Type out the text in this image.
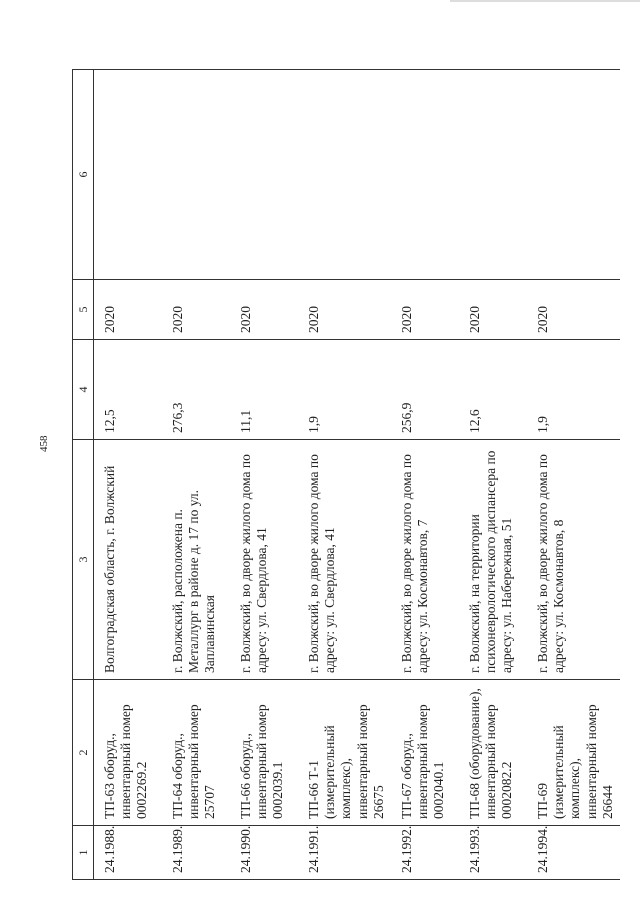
458
1	2	3	4	5	6
24.1988.	ТП-63 оборуд., инвентарный номер 0002269.2	Волгоградская область, г. Волжский	12,5	2020	
24.1989.	ТП-64 оборуд., инвентарный номер 25707	г. Волжский, расположена п. Металлург в районе д. 17 по ул. Заплавинская	276,3	2020	
24.1990.	ТП-66 оборуд., инвентарный номер 0002039.1	г. Волжский, во дворе жилого дома по адресу: ул. Свердлова, 41	11,1	2020	
24.1991.	ТП-66 Т-1 (измерительный комплекс), инвентарный номер 26675	г. Волжский, во дворе жилого дома по адресу: ул. Свердлова, 41	1,9	2020	
24.1992.	ТП-67 оборуд., инвентарный номер 0002040.1	г. Волжский, во дворе жилого дома по адресу: ул. Космонавтов, 7	256,9	2020	
24.1993.	ТП-68 (оборудование), инвентарный номер 0002082.2	г. Волжский, на территории психоневрологического диспансера по адресу: ул. Набережная, 51	12,6	2020	
24.1994.	ТП-69 (измерительный комплекс), инвентарный номер 26644	г. Волжский, во дворе жилого дома по адресу: ул. Космонавтов, 8	1,9	2020	
